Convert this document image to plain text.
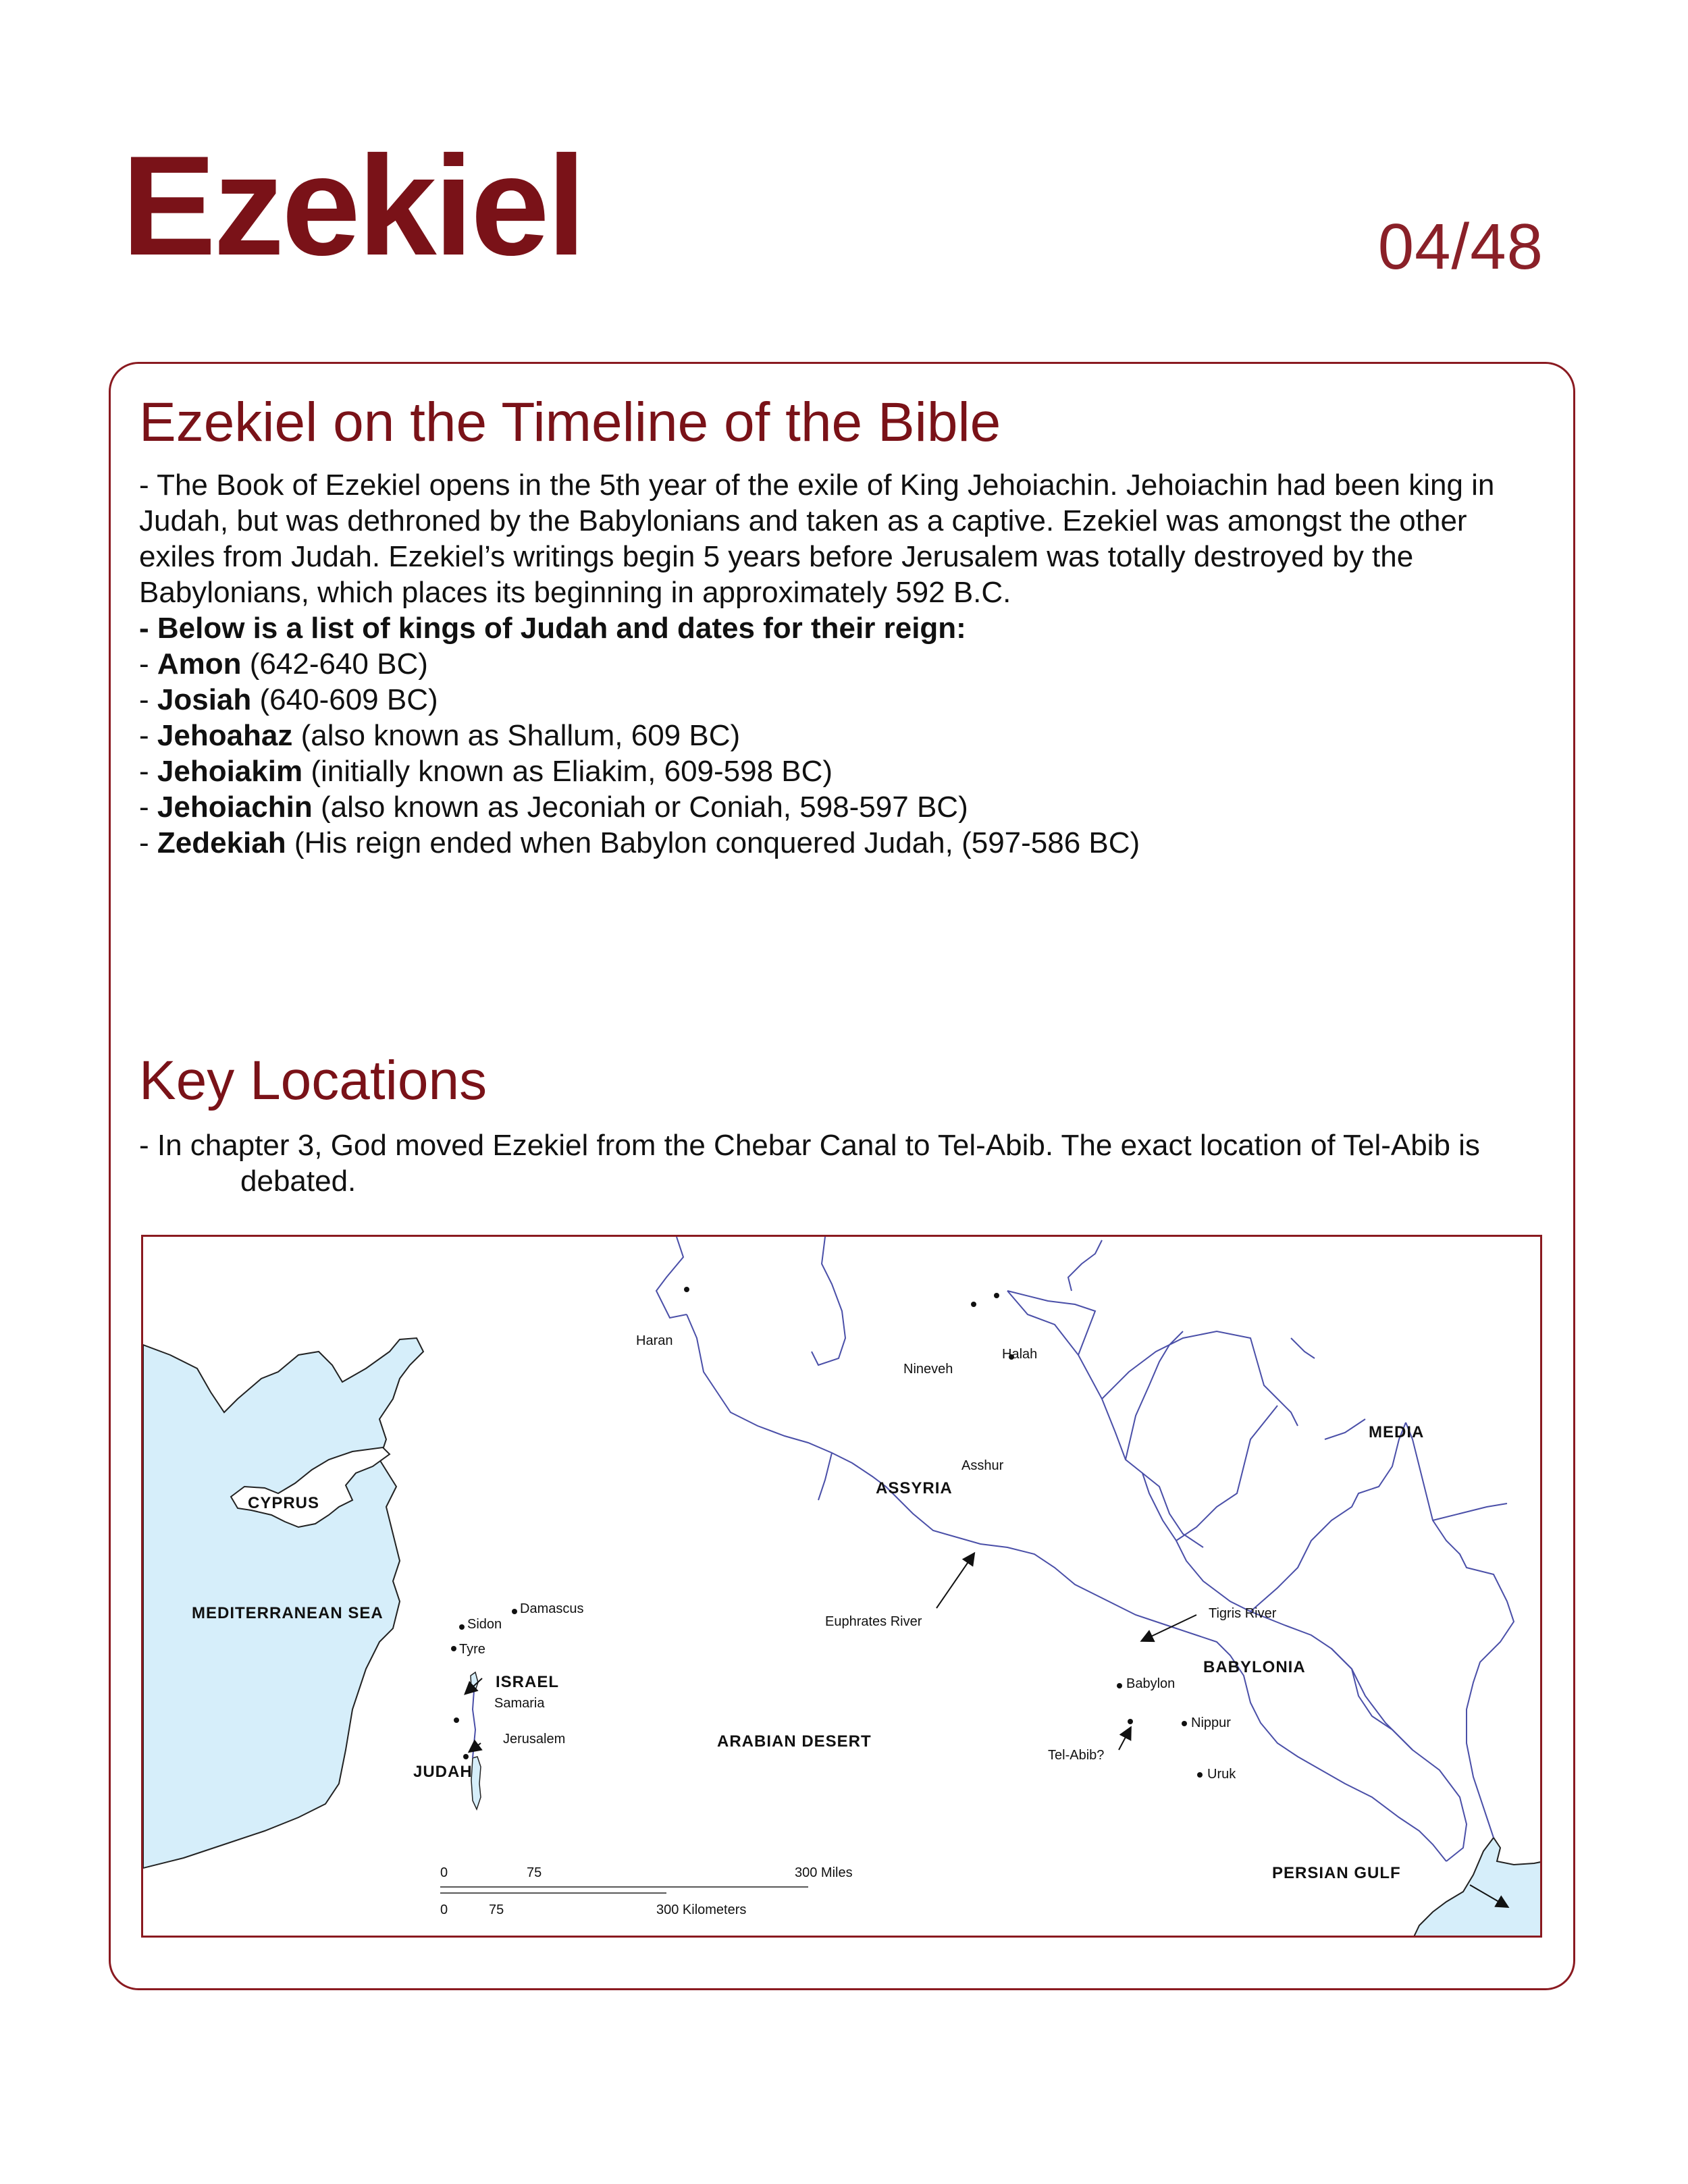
Ezekiel	04/48
Ezekiel on the Timeline of the Bible

- The Book of Ezekiel opens in the 5th year of the exile of King Jehoiachin. Jehoiachin had been king in Judah, but was dethroned by the Babylonians and taken as a captive. Ezekiel was amongst the other exiles from Judah. Ezekiel’s writings begin 5 years before Jerusalem was totally destroyed by the Babylonians, which places its beginning in approximately 592 B.C.

- Below is a list of kings of Judah and dates for their reign:

- Amon (642-640 BC)

- Josiah (640-609 BC)

- Jehoahaz (also known as Shallum, 609 BC)

- Jehoiakim (initially known as Eliakim, 609-598 BC)

- Jehoiachin (also known as Jeconiah or Coniah, 598-597 BC)

- Zedekiah (His reign ended when Babylon conquered Judah, (597-586 BC)

Key Locations

- In chapter 3, God moved Ezekiel from the Chebar Canal to Tel-Abib. The exact location of Tel-Abib is

debated.

CYPRUS
MEDITERRANEAN SEA
ISRAEL
JUDAH
ARABIAN DESERT
ASSYRIA
MEDIA
BABYLONIA
PERSIAN GULF
Haran
Nineveh
Halah
Asshur
Damascus
Sidon
Tyre
Samaria
Jerusalem
Babylon
Nippur
Uruk
Tel-Abib?
Euphrates River
Tigris River
0	75	300 Miles
0	75	300 Kilometers
